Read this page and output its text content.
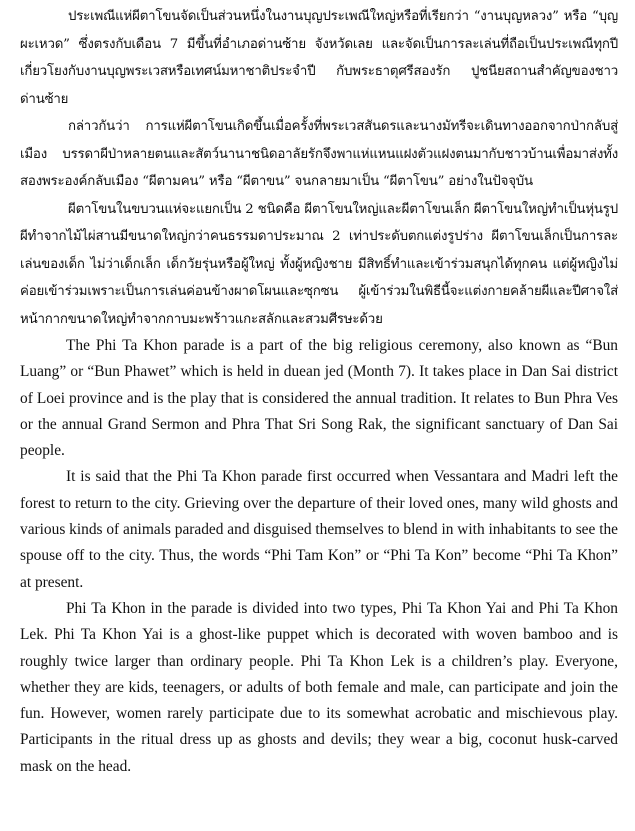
ประเพณีแห่ผีตาโขนจัดเป็นส่วนหนึ่งในงานบุญประเพณีใหญ่หรือที่เรียกว่า “งานบุญหลวง” หรือ “บุญผะเหวด” ซึ่งตรงกับเดือน 7 มีขึ้นที่อำเภอด่านซ้าย จังหวัดเลย และจัดเป็นการละเล่นที่ถือเป็นประเพณีทุกปี เกี่ยวโยงกับงานบุญพระเวสหรือเทศน์มหาชาติประจำปี กับพระธาตุศรีสองรัก ปูชนียสถานสำคัญของชาวด่านซ้าย

กล่าวกันว่า การแห่ผีตาโขนเกิดขึ้นเมื่อครั้งที่พระเวสสันดรและนางมัทรีจะเดินทางออกจากป่ากลับสู่เมือง บรรดาผีป่าหลายตนและสัตว์นานาชนิดอาลัยรักจึงพาแห่แหนแฝงตัวแฝงตนมากับชาวบ้านเพื่อมาส่งทั้งสองพระองค์กลับเมือง “ผีตามคน” หรือ “ผีตาขน” จนกลายมาเป็น “ผีตาโขน” อย่างในปัจจุบัน

ผีตาโขนในขบวนแห่จะแยกเป็น 2 ชนิดคือ ผีตาโขนใหญ่และผีตาโขนเล็ก ผีตาโขนใหญ่ทำเป็นหุ่นรูปผีทำจากไม้ไผ่สานมีขนาดใหญ่กว่าคนธรรมดาประมาณ 2 เท่าประดับตกแต่งรูปร่าง ผีตาโขนเล็กเป็นการละเล่นของเด็ก ไม่ว่าเด็กเล็ก เด็กวัยรุ่นหรือผู้ใหญ่ ทั้งผู้หญิงชาย มีสิทธิ์ทำและเข้าร่วมสนุกได้ทุกคน แต่ผู้หญิงไม่ค่อยเข้าร่วมเพราะเป็นการเล่นค่อนข้างผาดโผนและซุกซน ผู้เข้าร่วมในพิธีนี้จะแต่งกายคล้ายผีและปีศาจใส่หน้ากากขนาดใหญ่ทำจากกาบมะพร้าวแกะสลักและสวมศีรษะด้วย

The Phi Ta Khon parade is a part of the big religious ceremony, also known as “Bun Luang” or “Bun Phawet” which is held in duean jed (Month 7). It takes place in Dan Sai district of Loei province and is the play that is considered the annual tradition. It relates to Bun Phra Ves or the annual Grand Sermon and Phra That Sri Song Rak, the significant sanctuary of Dan Sai people.

It is said that the Phi Ta Khon parade first occurred when Vessantara and Madri left the forest to return to the city. Grieving over the departure of their loved ones, many wild ghosts and various kinds of animals paraded and disguised themselves to blend in with inhabitants to see the spouse off to the city. Thus, the words “Phi Tam Kon” or “Phi Ta Kon” become “Phi Ta Khon” at present.

Phi Ta Khon in the parade is divided into two types, Phi Ta Khon Yai and Phi Ta Khon Lek. Phi Ta Khon Yai is a ghost-like puppet which is decorated with woven bamboo and is roughly twice larger than ordinary people. Phi Ta Khon Lek is a children’s play. Everyone, whether they are kids, teenagers, or adults of both female and male, can participate and join the fun. However, women rarely participate due to its somewhat acrobatic and mischievous play. Participants in the ritual dress up as ghosts and devils; they wear a big, coconut husk-carved mask on the head.
